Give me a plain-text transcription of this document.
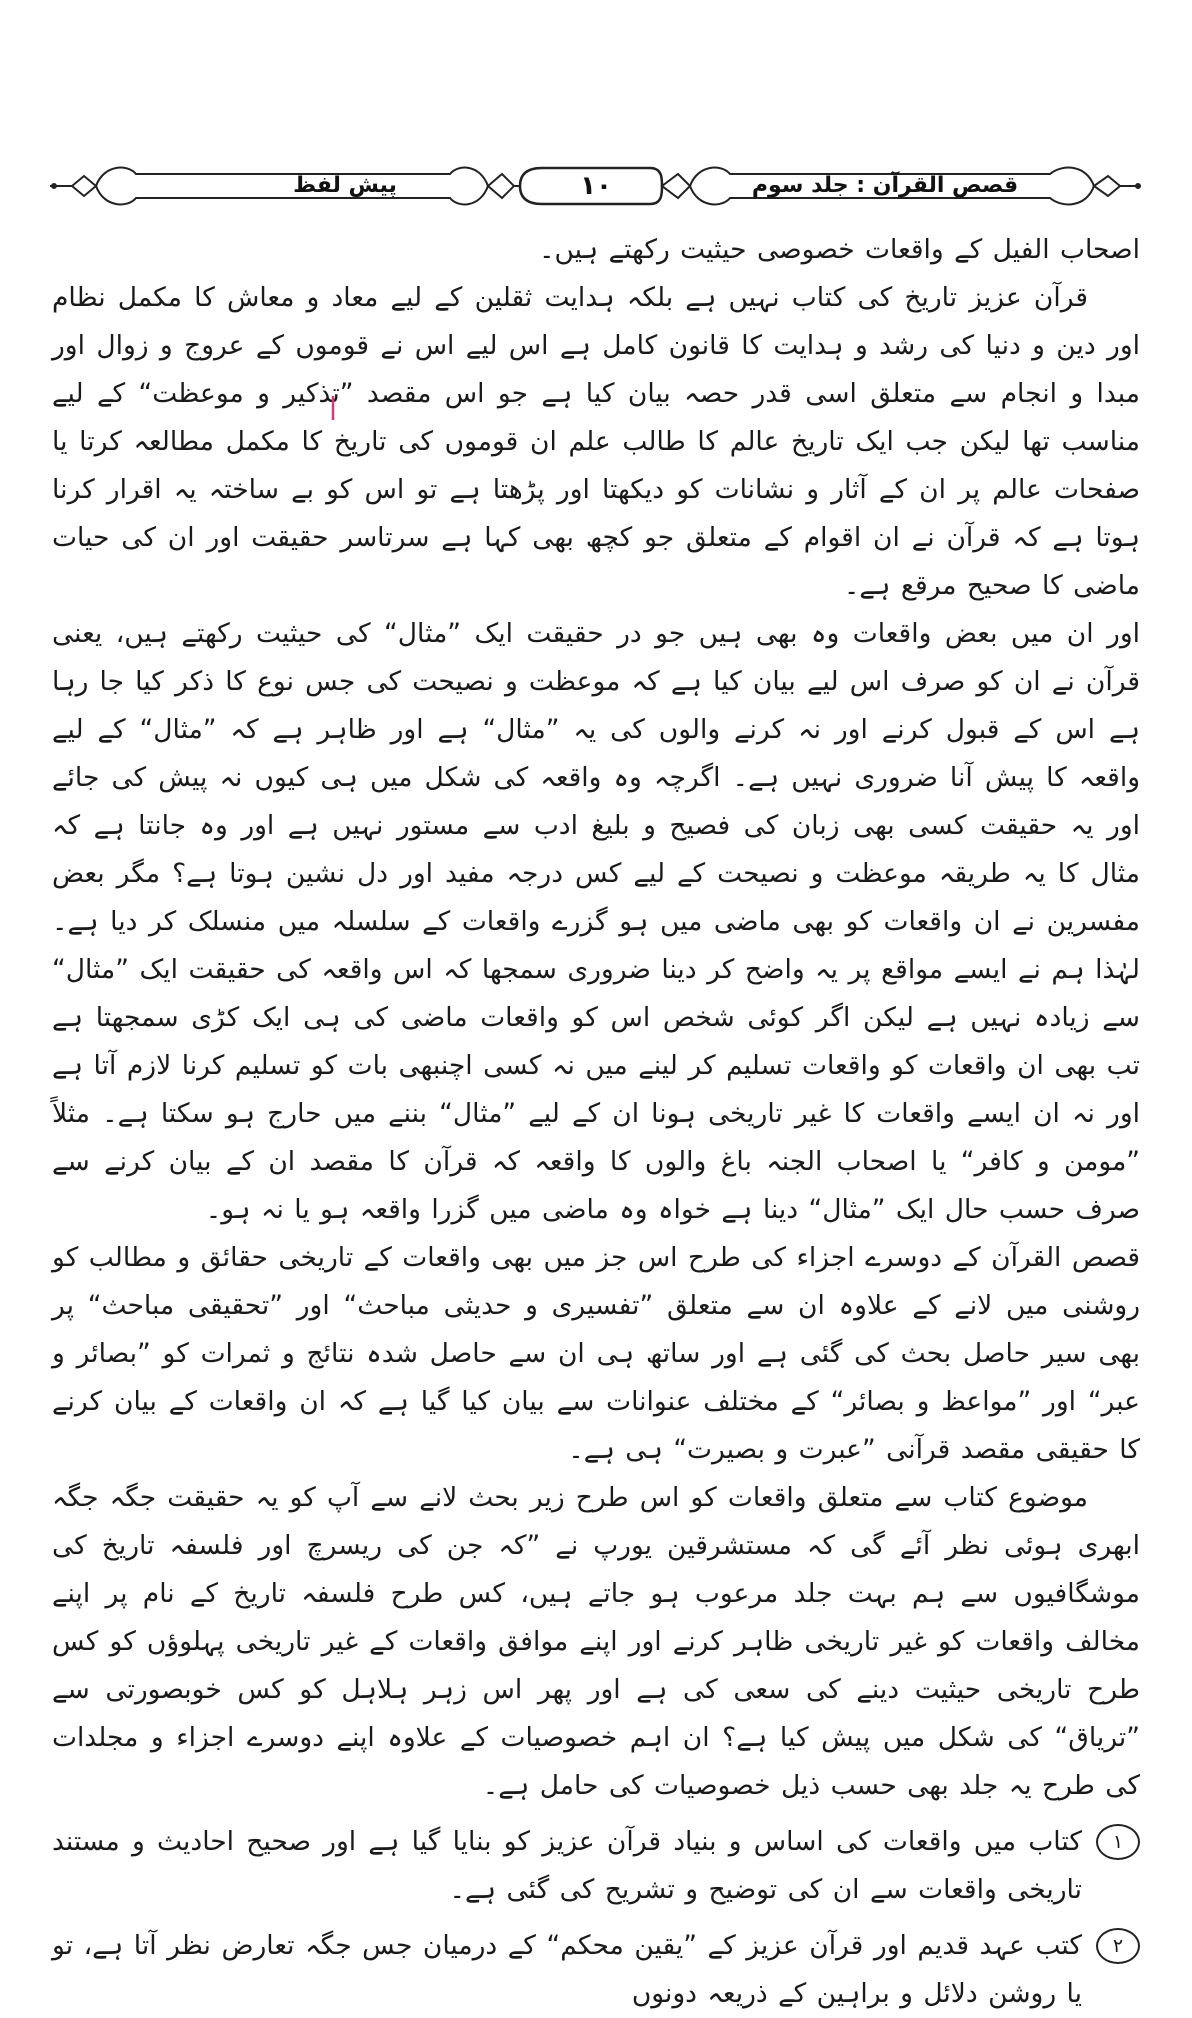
قصص القرآن : جلد سوم
۱۰
پیش لفظ

اصحاب الفیل کے واقعات خصوصی حیثیت رکھتے ہیں۔

قرآن عزیز تاریخ کی کتاب نہیں ہے بلکہ ہدایت ثقلین کے لیے معاد و معاش کا مکمل نظام اور دین و دنیا کی رشد و ہدایت کا قانون کامل ہے اس لیے اس نے قوموں کے عروج و زوال اور مبدا و انجام سے متعلق اسی قدر حصہ بیان کیا ہے جو اس مقصد ”تذکیر و موعظت“ کے لیے مناسب تھا لیکن جب ایک تاریخ عالم کا طالب علم ان قوموں کی تاریخ کا مکمل مطالعہ کرتا یا صفحات عالم پر ان کے آثار و نشانات کو دیکھتا اور پڑھتا ہے تو اس کو بے ساختہ یہ اقرار کرنا ہوتا ہے کہ قرآن نے ان اقوام کے متعلق جو کچھ بھی کہا ہے سرتاسر حقیقت اور ان کی حیات ماضی کا صحیح مرقع ہے۔

اور ان میں بعض واقعات وہ بھی ہیں جو در حقیقت ایک ”مثال“ کی حیثیت رکھتے ہیں، یعنی قرآن نے ان کو صرف اس لیے بیان کیا ہے کہ موعظت و نصیحت کی جس نوع کا ذکر کیا جا رہا ہے اس کے قبول کرنے اور نہ کرنے والوں کی یہ ”مثال“ ہے اور ظاہر ہے کہ ”مثال“ کے لیے واقعہ کا پیش آنا ضروری نہیں ہے۔ اگرچہ وہ واقعہ کی شکل میں ہی کیوں نہ پیش کی جائے اور یہ حقیقت کسی بھی زبان کی فصیح و بلیغ ادب سے مستور نہیں ہے اور وہ جانتا ہے کہ مثال کا یہ طریقہ موعظت و نصیحت کے لیے کس درجہ مفید اور دل نشین ہوتا ہے؟ مگر بعض مفسرین نے ان واقعات کو بھی ماضی میں ہو گزرے واقعات کے سلسلہ میں منسلک کر دیا ہے۔ لہٰذا ہم نے ایسے مواقع پر یہ واضح کر دینا ضروری سمجھا کہ اس واقعہ کی حقیقت ایک ”مثال“ سے زیادہ نہیں ہے لیکن اگر کوئی شخص اس کو واقعات ماضی کی ہی ایک کڑی سمجھتا ہے تب بھی ان واقعات کو واقعات تسلیم کر لینے میں نہ کسی اچنبھی بات کو تسلیم کرنا لازم آتا ہے اور نہ ان ایسے واقعات کا غیر تاریخی ہونا ان کے لیے ”مثال“ بننے میں حارج ہو سکتا ہے۔ مثلاً ”مومن و کافر“ یا اصحاب الجنہ باغ والوں کا واقعہ کہ قرآن کا مقصد ان کے بیان کرنے سے صرف حسب حال ایک ”مثال“ دینا ہے خواہ وہ ماضی میں گزرا واقعہ ہو یا نہ ہو۔

قصص القرآن کے دوسرے اجزاء کی طرح اس جز میں بھی واقعات کے تاریخی حقائق و مطالب کو روشنی میں لانے کے علاوہ ان سے متعلق ”تفسیری و حدیثی مباحث“ اور ”تحقیقی مباحث“ پر بھی سیر حاصل بحث کی گئی ہے اور ساتھ ہی ان سے حاصل شدہ نتائج و ثمرات کو ”بصائر و عبر“ اور ”مواعظ و بصائر“ کے مختلف عنوانات سے بیان کیا گیا ہے کہ ان واقعات کے بیان کرنے کا حقیقی مقصد قرآنی ”عبرت و بصیرت“ ہی ہے۔

موضوع کتاب سے متعلق واقعات کو اس طرح زیر بحث لانے سے آپ کو یہ حقیقت جگہ جگہ ابھری ہوئی نظر آئے گی کہ مستشرقین یورپ نے ”کہ جن کی ریسرچ اور فلسفہ تاریخ کی موشگافیوں سے ہم بہت جلد مرعوب ہو جاتے ہیں، کس طرح فلسفہ تاریخ کے نام پر اپنے مخالف واقعات کو غیر تاریخی ظاہر کرنے اور اپنے موافق واقعات کے غیر تاریخی پہلوؤں کو کس طرح تاریخی حیثیت دینے کی سعی کی ہے اور پھر اس زہر ہلاہل کو کس خوبصورتی سے ”تریاق“ کی شکل میں پیش کیا ہے؟ ان اہم خصوصیات کے علاوہ اپنے دوسرے اجزاء و مجلدات کی طرح یہ جلد بھی حسب ذیل خصوصیات کی حامل ہے۔

۱
کتاب میں واقعات کی اساس و بنیاد قرآن عزیز کو بنایا گیا ہے اور صحیح احادیث و مستند تاریخی واقعات سے ان کی توضیح و تشریح کی گئی ہے۔
۲
کتب عہد قدیم اور قرآن عزیز کے ”یقین محکم“ کے درمیان جس جگہ تعارض نظر آتا ہے، تو یا روشن دلائل و براہین کے ذریعہ دونوں
